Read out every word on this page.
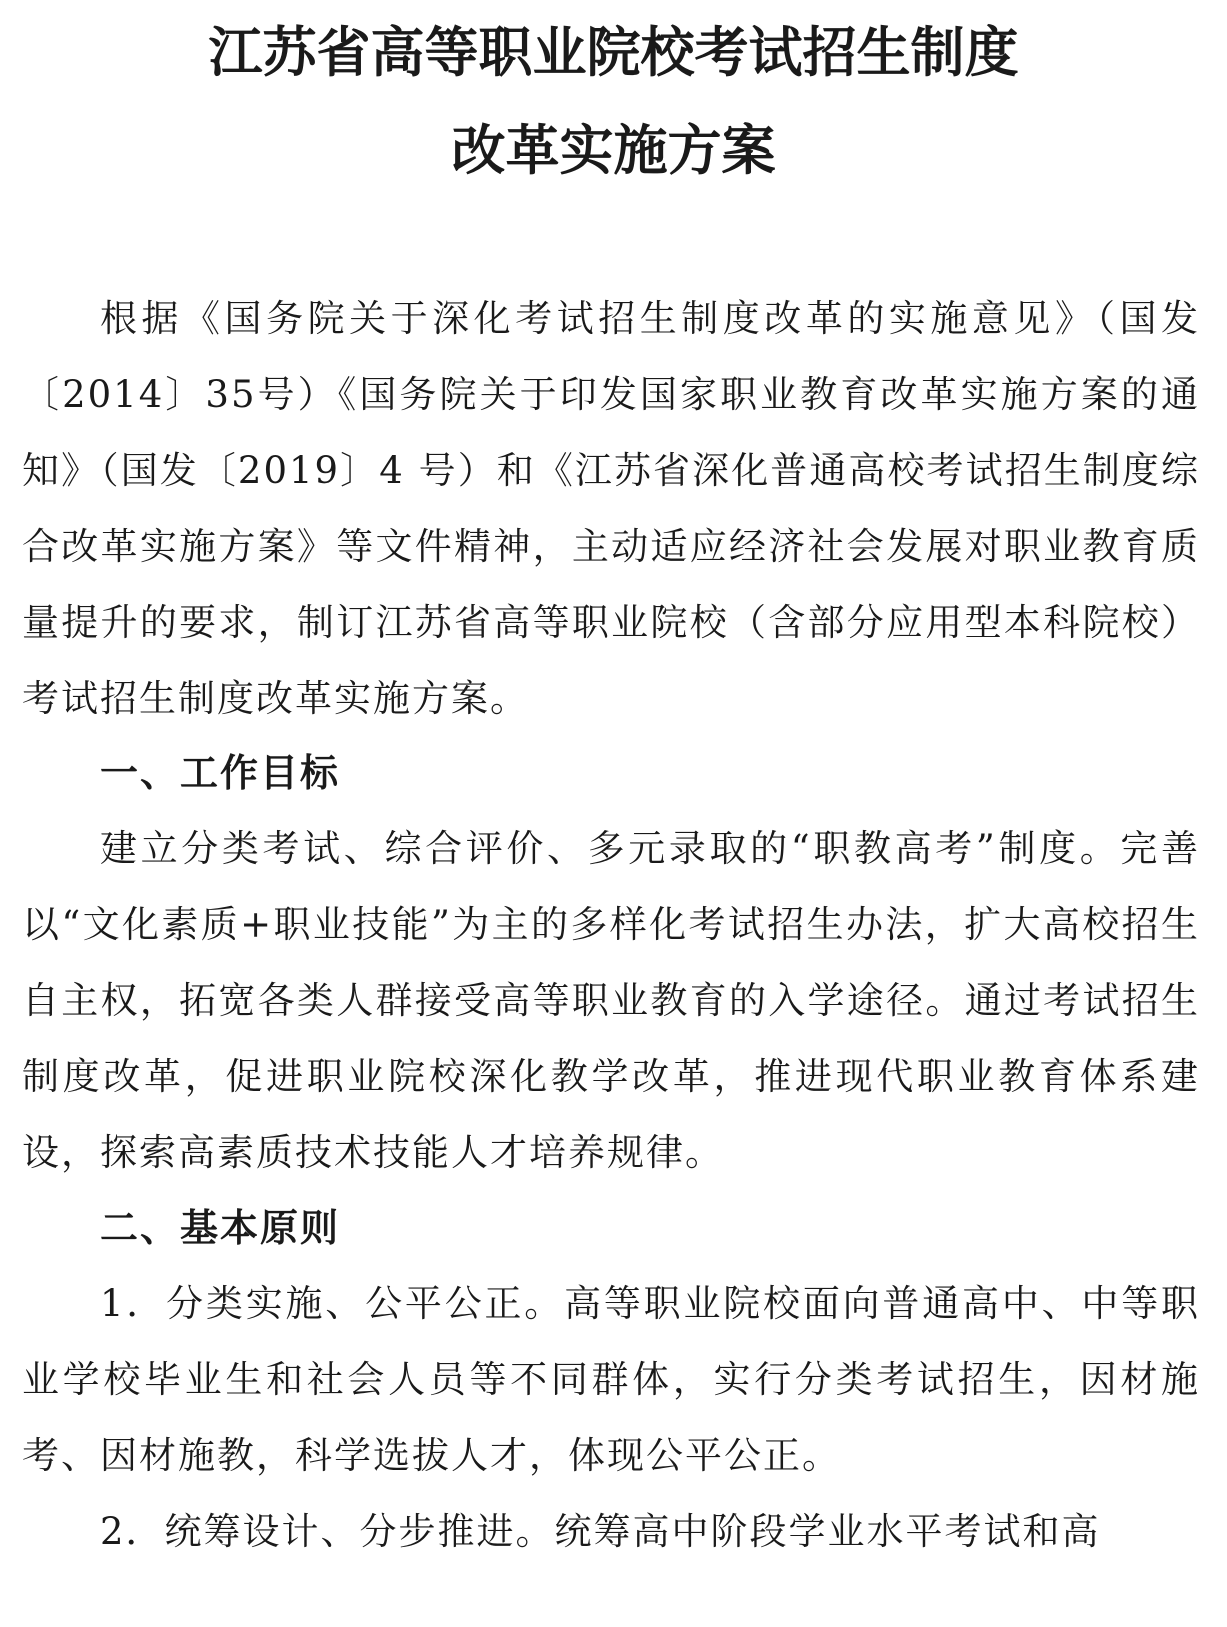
江苏省高等职业院校考试招生制度
改革实施方案

根据《国务院关于深化考试招生制度改革的实施意见》（国发〔2014〕35号）《国务院关于印发国家职业教育改革实施方案的通知》（国发〔2019〕4 号）和《江苏省深化普通高校考试招生制度综合改革实施方案》等文件精神，主动适应经济社会发展对职业教育质量提升的要求，制订江苏省高等职业院校（含部分应用型本科院校）考试招生制度改革实施方案。

一、工作目标

建立分类考试、综合评价、多元录取的“职教高考”制度。完善以“文化素质+职业技能”为主的多样化考试招生办法，扩大高校招生自主权，拓宽各类人群接受高等职业教育的入学途径。通过考试招生制度改革，促进职业院校深化教学改革，推进现代职业教育体系建设，探索高素质技术技能人才培养规律。

二、基本原则

1．分类实施、公平公正。高等职业院校面向普通高中、中等职业学校毕业生和社会人员等不同群体，实行分类考试招生，因材施考、因材施教，科学选拔人才，体现公平公正。

2．统筹设计、分步推进。统筹高中阶段学业水平考试和高
